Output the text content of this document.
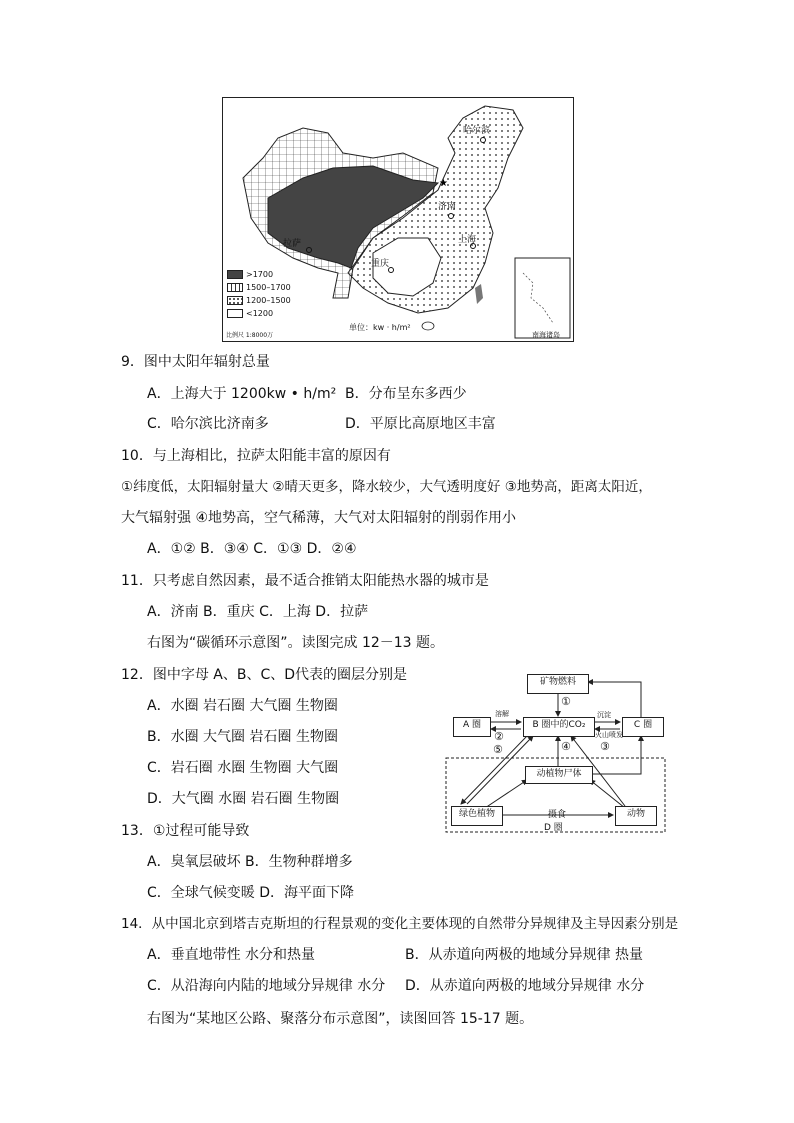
★
哈尔滨
济南
上海
拉萨
重庆
>1700
1500–1700
1200–1500
<1200
比例尺 1:8000万
单位：kw · h/m²
南海诸岛
9．图中太阳年辐射总量
A．上海大于 1200kw • h/m² B．分布呈东多西少
C．哈尔滨比济南多	D．平原比高原地区丰富
10．与上海相比，拉萨太阳能丰富的原因有
①纬度低，太阳辐射量大 ②晴天更多，降水较少，大气透明度好 ③地势高，距离太阳近，
大气辐射强 ④地势高，空气稀薄，大气对太阳辐射的削弱作用小
A．①② B．③④ C．①③ D．②④
11．只考虑自然因素，最不适合推销太阳能热水器的城市是
A．济南 B．重庆 C．上海 D．拉萨
右图为“碳循环示意图”。读图完成 12－13 题。
12．图中字母 A、B、C、D代表的圈层分别是
A．水圈 岩石圈 大气圈 生物圈
B．水圈 大气圈 岩石圈 生物圈
C．岩石圈 水圈 生物圈 大气圈
D．大气圈 水圈 岩石圈 生物圈
13．①过程可能导致
A．臭氧层破坏 B．生物种群增多
C．全球气候变暖 D．海平面下降
14．从中国北京到塔吉克斯坦的行程景观的变化主要体现的自然带分异规律及主导因素分别是
A．垂直地带性 水分和热量	B．从赤道向两极的地域分异规律 热量
C．从沿海向内陆的地域分异规律 水分 D．从赤道向两极的地域分异规律 水分
右图为“某地区公路、聚落分布示意图”，读图回答 15-17 题。
矿物燃料
A 圈	B 圈中的CO₂	C 圈
动植物尸体
绿色植物	动物
溶解	沉淀
火山喷发
摄食
D 圈
①
②
③
④
⑤
